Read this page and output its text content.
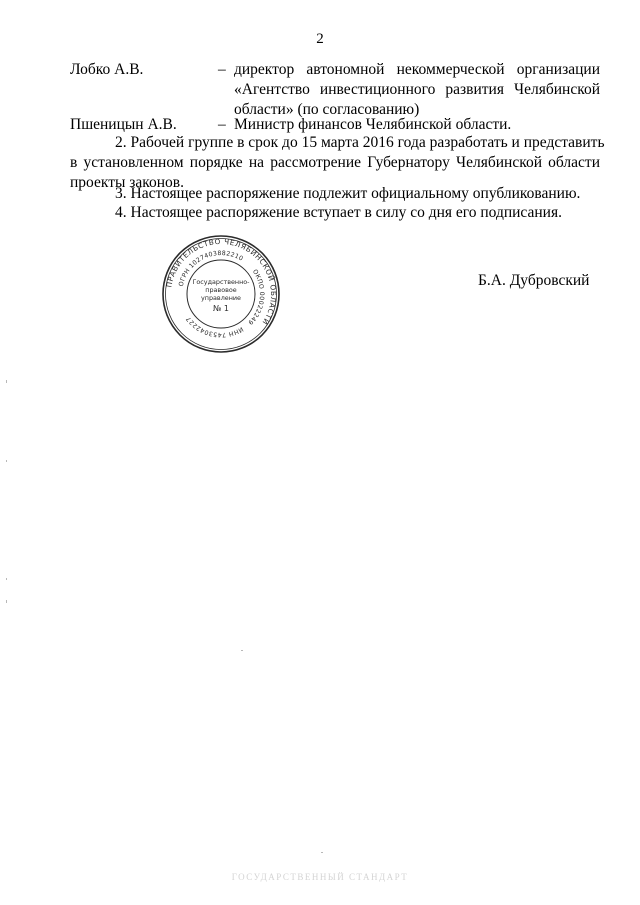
2
Лобко А.В.	– директор автономной некоммерческой организации
«Агентство инвестиционного развития Челябинской
области» (по согласованию)
Пшеницын А.В.	– Министр финансов Челябинской области.
2. Рабочей группе в срок до 15 марта 2016 года разработать и представить
в установленном порядке на рассмотрение Губернатору Челябинской области
проекты законов.
3. Настоящее распоряжение подлежит официальному опубликованию.
4. Настоящее распоряжение вступает в силу со дня его подписания.
ПРАВИТЕЛЬСТВО ЧЕЛЯБИНСКОЙ ОБЛАСТИ
ОГРН 1027403882210
ОКПО 00022249
ИНН 7453042227
Государственно-
правовое
управление
№ 1
Б.А. Дубровский
ГОСУДАРСТВЕННЫЙ СТАНДАРТ
